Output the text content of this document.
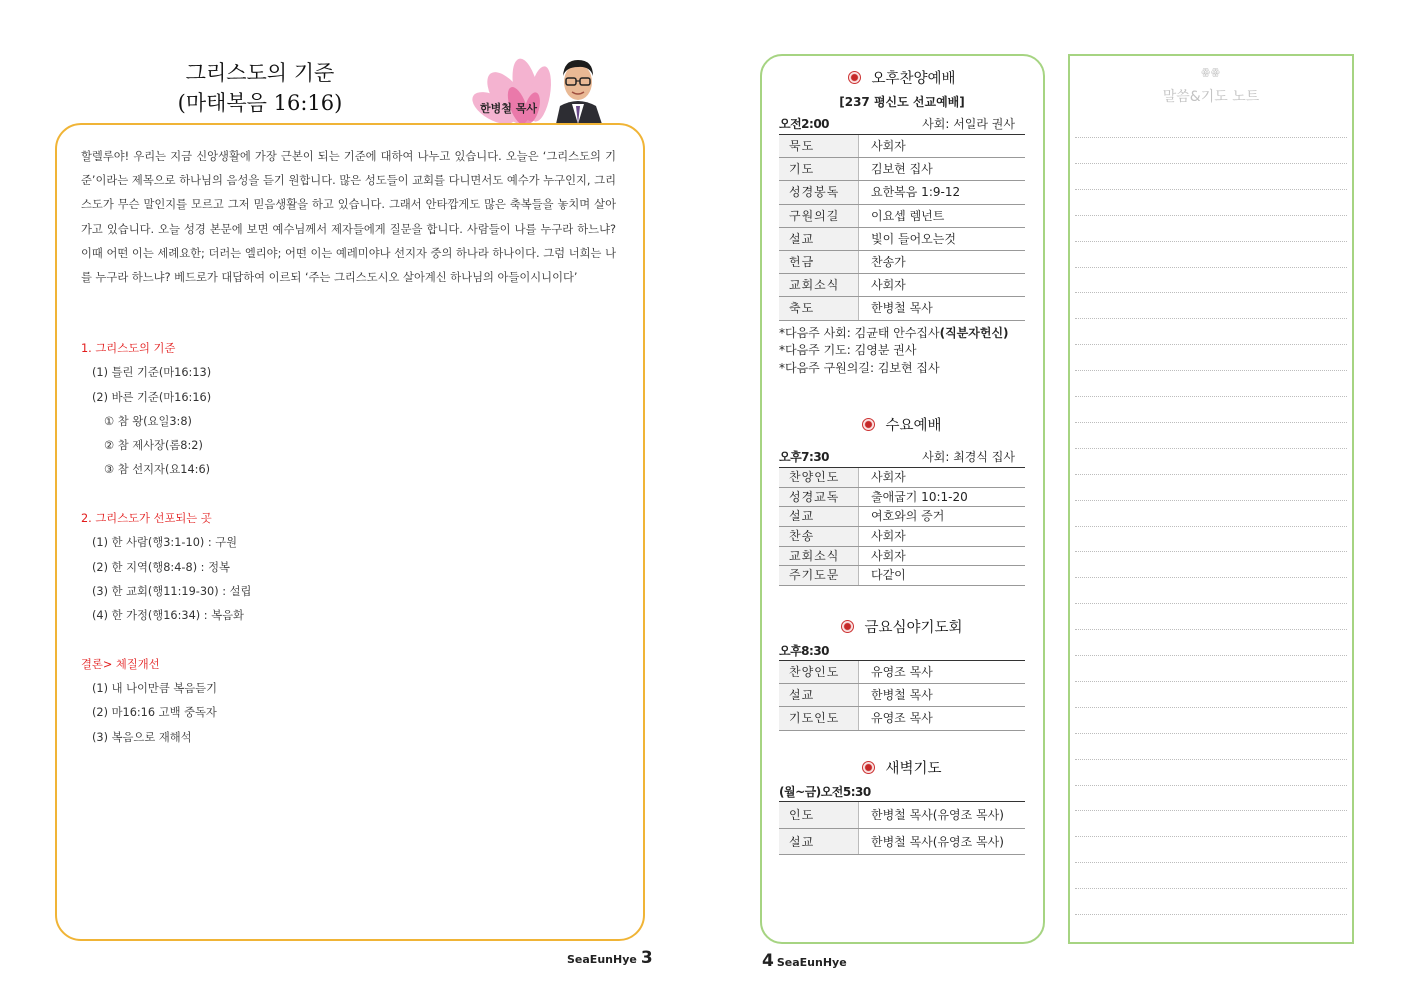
그리스도의 기준
(마태복음 16:16)	한병철 목사
할렐루야! 우리는 지금 신앙생활에 가장 근본이 되는 기준에 대하여 나누고 있습니다. 오늘은 ‘그리스도의 기준’이라는 제목으로 하나님의 음성을 듣기 원합니다. 많은 성도들이 교회를 다니면서도 예수가 누구인지, 그리스도가 무슨 말인지를 모르고 그저 믿음생활을 하고 있습니다. 그래서 안타깝게도 많은 축복들을 놓치며 살아가고 있습니다. 오늘 성경 본문에 보면 예수님께서 제자들에게 질문을 합니다. 사람들이 나를 누구라 하느냐? 이때 어떤 이는 세례요한; 더러는 엘리야; 어떤 이는 예레미야나 선지자 중의 하나라 하나이다. 그럼 너희는 나를 누구라 하느냐? 베드로가 대답하여 이르되 ‘주는 그리스도시오 살아계신 하나님의 아들이시니이다’
1. 그리스도의 기준
(1) 틀린 기준(마16:13)
(2) 바른 기준(마16:16)
① 참 왕(요일3:8)
② 참 제사장(롬8:2)
③ 참 선지자(요14:6)
2. 그리스도가 선포되는 곳
(1) 한 사람(행3:1-10) : 구원
(2) 한 지역(행8:4-8) : 정복
(3) 한 교회(행11:19-30) : 설립
(4) 한 가정(행16:34) : 복음화
결론> 체질개선
(1) 내 나이만큼 복음듣기
(2) 마16:16 고백 중독자
(3) 복음으로 재해석
SeaEunHye 3
오후찬양예배
[237 평신도 선교예배]
오전2:00	사회: 서일라 권사
묵도	사회자
기도	김보현 집사
성경봉독	요한복음 1:9-12
구원의길	이요셉 렘넌트
설교	빛이 들어오는것
헌금	찬송가
교회소식	사회자
축도	한병철 목사
*다음주 사회: 김균태 안수집사(직분자헌신)
*다음주 기도: 김영분 권사
*다음주 구원의길: 김보현 집사
수요예배
오후7:30	사회: 최경식 집사
찬양인도	사회자
성경교독	출애굽기 10:1-20
설교	여호와의 증거
찬송	사회자
교회소식	사회자
주기도문	다같이
금요심야기도회
오후8:30
찬양인도	유영조 목사
설교	한병철 목사
기도인도	유영조 목사
새벽기도
(월~금)오전5:30
인도	한병철 목사(유영조 목사)
설교	한병철 목사(유영조 목사)
4 SeaEunHye
ꙮꙮ
말씀&기도 노트
